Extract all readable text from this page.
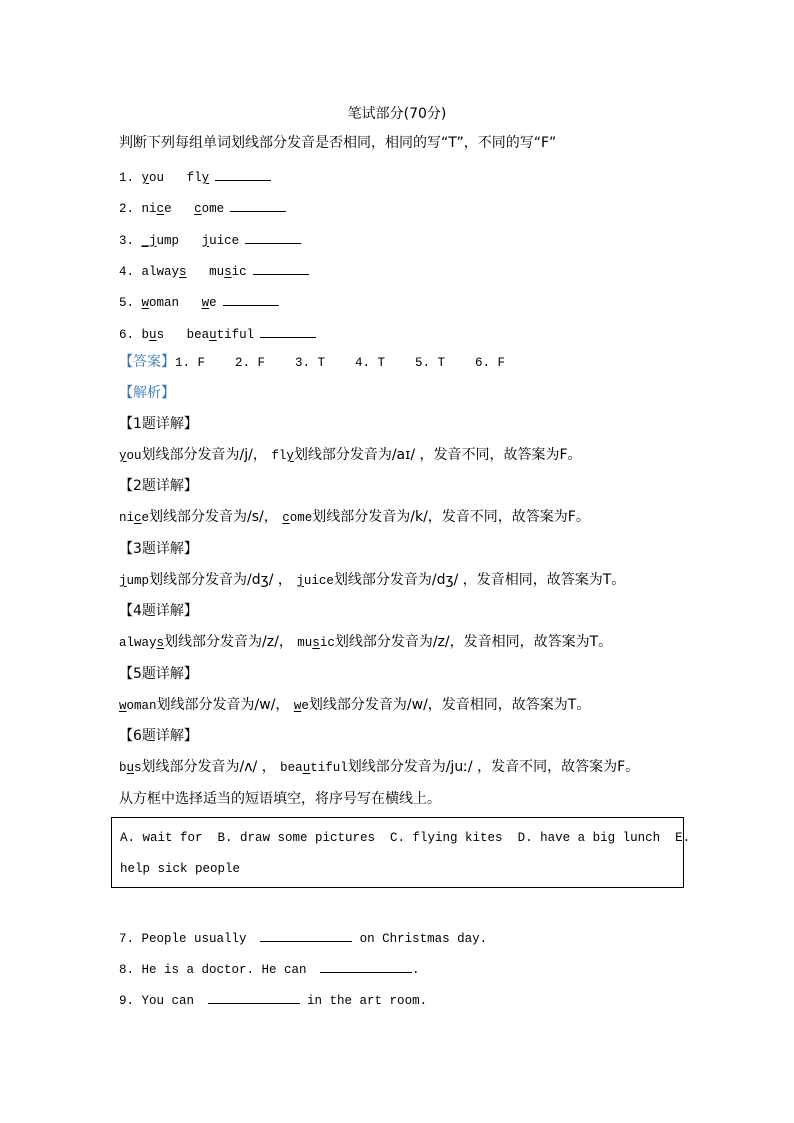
笔试部分(70分)
判断下列每组单词划线部分发音是否相同，相同的写“T”，不同的写“F”
1. you fly
2. nice come
3. _jump juice
4. always music
5. woman we
6. bus beautiful
【答案】1. F    2. F    3. T    4. T    5. T    6. F
【解析】
【1题详解】
you划线部分发音为/j/， fly划线部分发音为/aɪ/ ，发音不同，故答案为F。
【2题详解】
nice划线部分发音为/s/， come划线部分发音为/k/，发音不同，故答案为F。
【3题详解】
jump划线部分发音为/dʒ/ ， juice划线部分发音为/dʒ/ ，发音相同，故答案为T。
【4题详解】
always划线部分发音为/z/， music划线部分发音为/z/，发音相同，故答案为T。
【5题详解】
woman划线部分发音为/w/， we划线部分发音为/w/，发音相同，故答案为T。
【6题详解】
bus划线部分发音为/ʌ/ ， beautiful划线部分发音为/juː/ ，发音不同，故答案为F。
从方框中选择适当的短语填空，将序号写在横线上。
A. wait for  B. draw some pictures  C. flying kites  D. have a big lunch  E.
help sick people
7. People usually	on Christmas day.
8. He is a doctor. He can	.
9. You can	in the art room.
